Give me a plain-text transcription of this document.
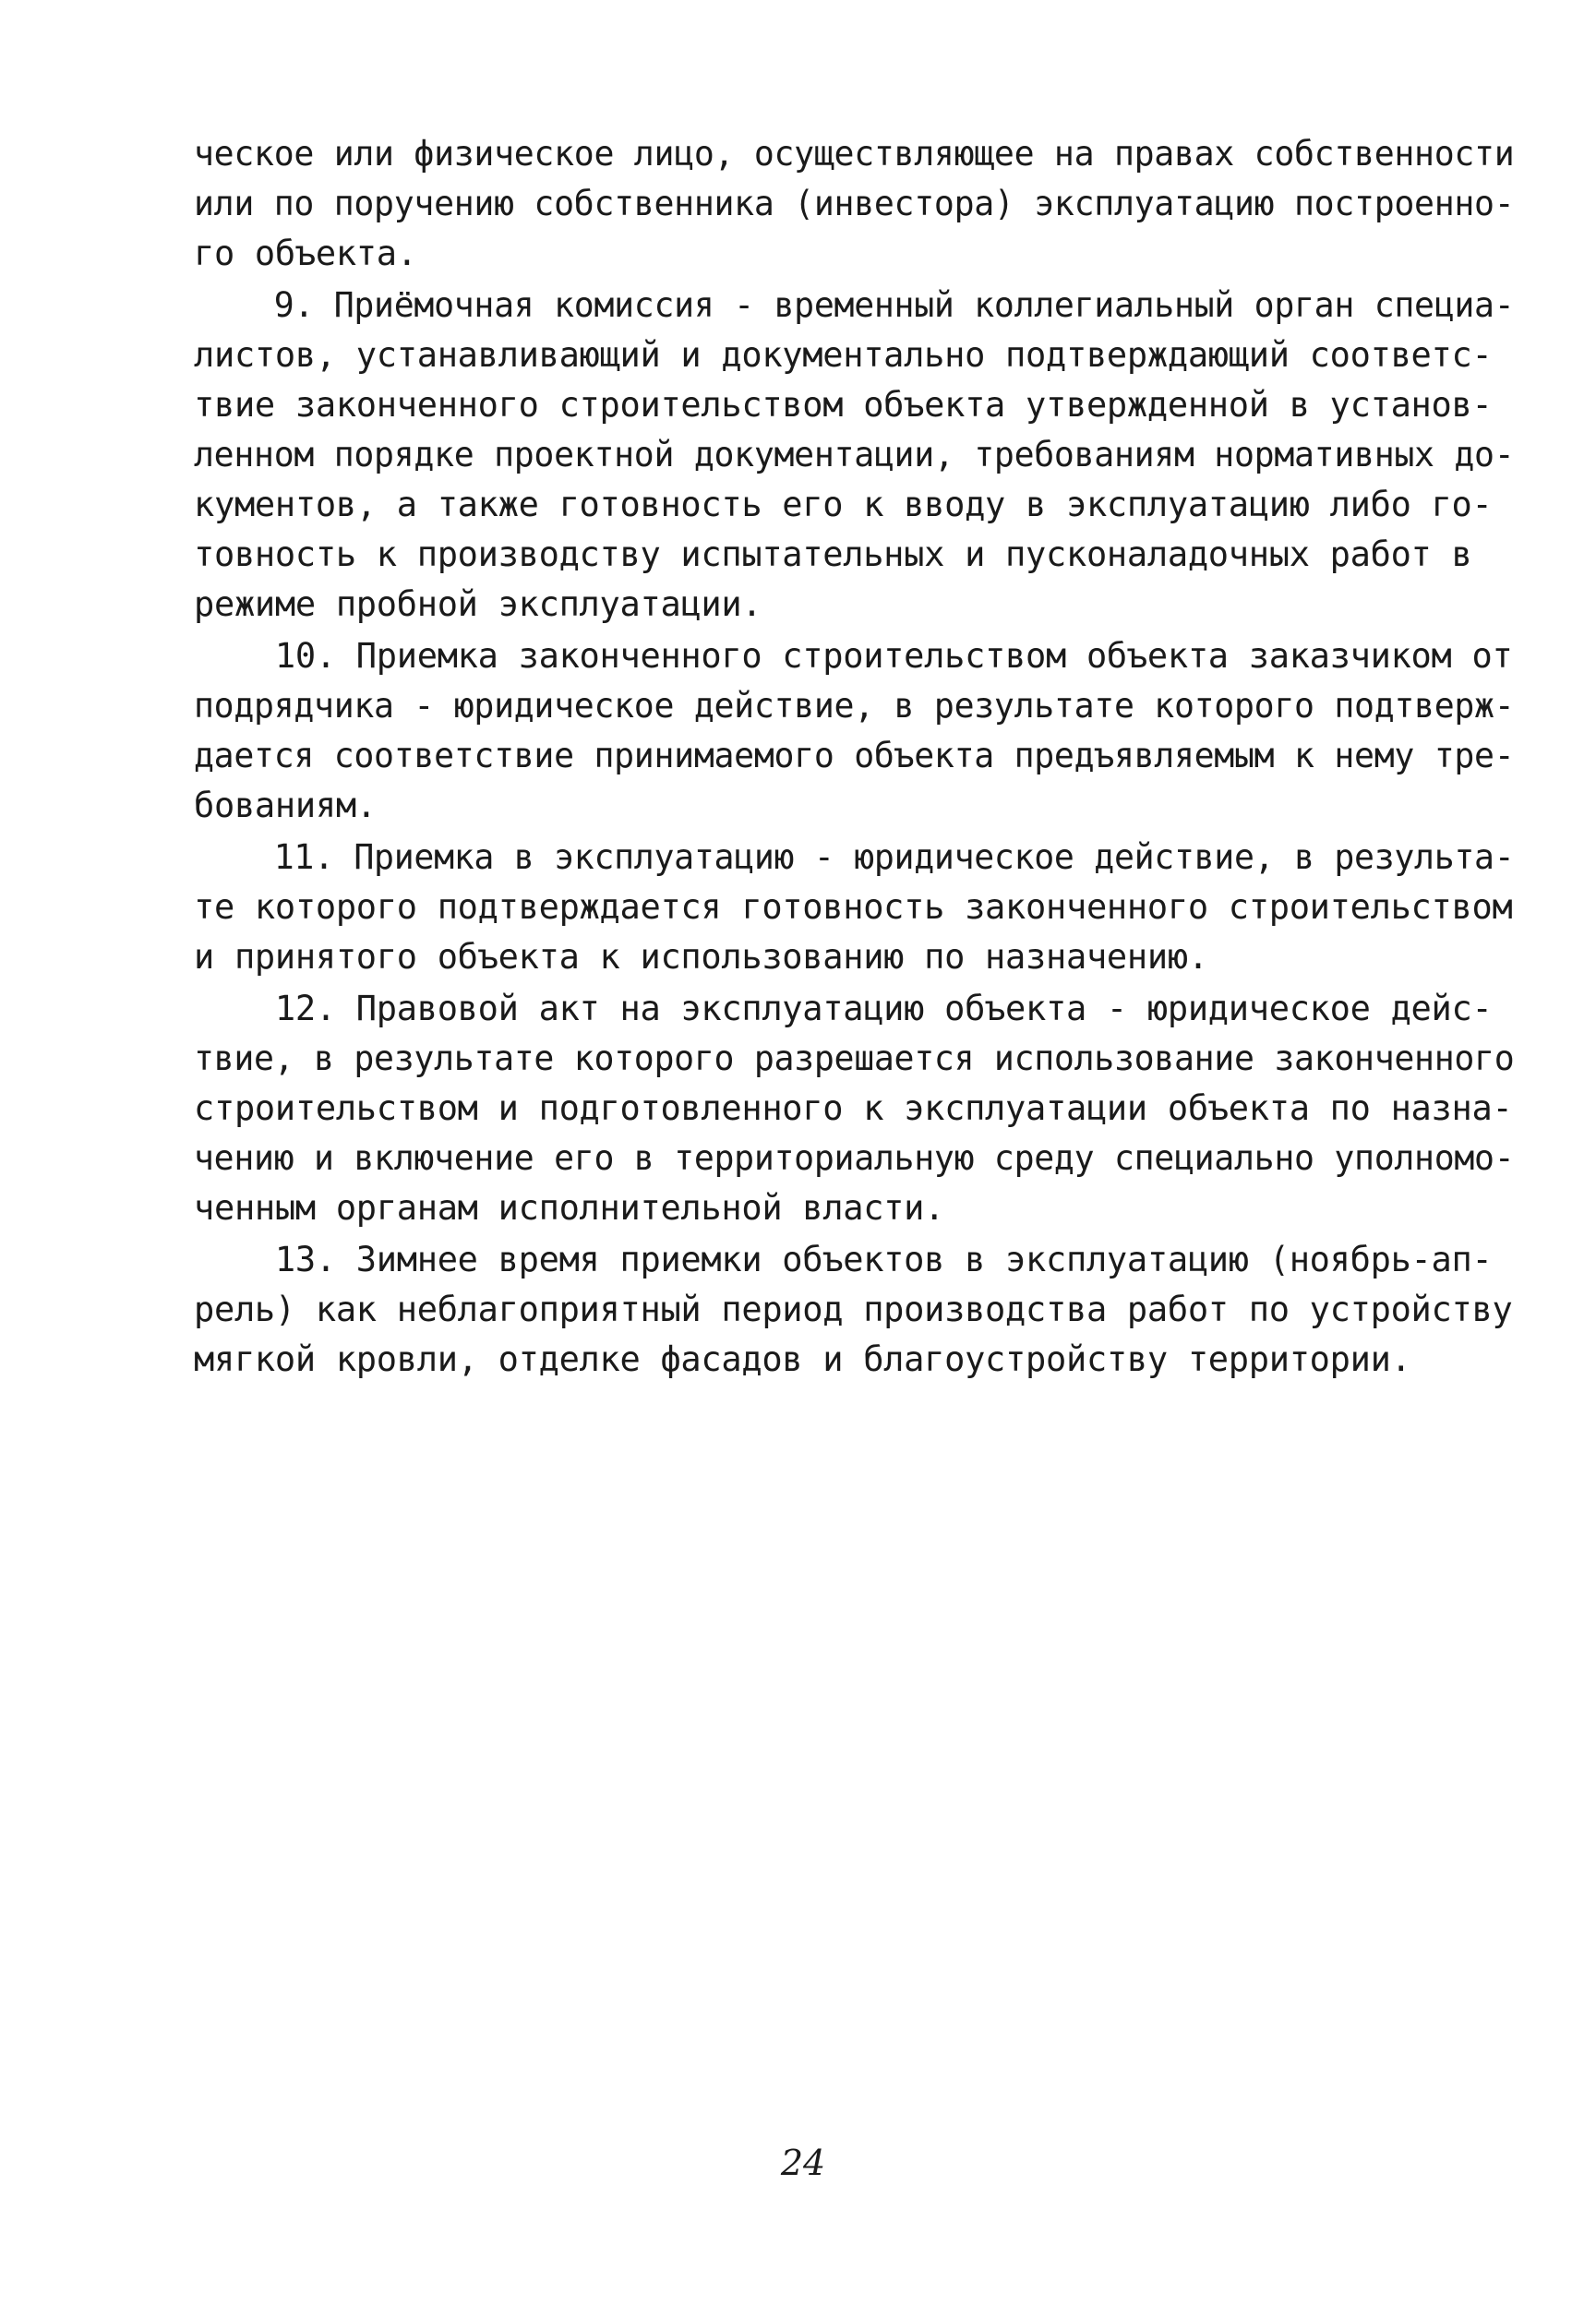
ческое или физическое лицо, осуществляющее на правах собственности
или по поручению собственника (инвестора) эксплуатацию построенно-
го объекта.
9. Приёмочная комиссия - временный коллегиальный орган специа-
листов, устанавливающий и документально подтверждающий соответс-
твие законченного строительством объекта утвержденной в установ-
ленном порядке проектной документации, требованиям нормативных до-
кументов, а также готовность его к вводу в эксплуатацию либо го-
товность к производству испытательных и пусконаладочных работ в
режиме пробной эксплуатации.
10. Приемка законченного строительством объекта заказчиком от
подрядчика - юридическое действие, в результате которого подтверж-
дается соответствие принимаемого объекта предъявляемым к нему тре-
бованиям.
11. Приемка в эксплуатацию - юридическое действие, в результа-
те которого подтверждается готовность законченного строительством
и принятого объекта к использованию по назначению.
12. Правовой акт на эксплуатацию объекта - юридическое дейс-
твие, в результате которого разрешается использование законченного
строительством и подготовленного к эксплуатации объекта по назна-
чению и включение его в территориальную среду специально уполномо-
ченным органам исполнительной власти.
13. Зимнее время приемки объектов в эксплуатацию (ноябрь-ап-
рель) как неблагоприятный период производства работ по устройству
мягкой кровли, отделке фасадов и благоустройству территории.
24
